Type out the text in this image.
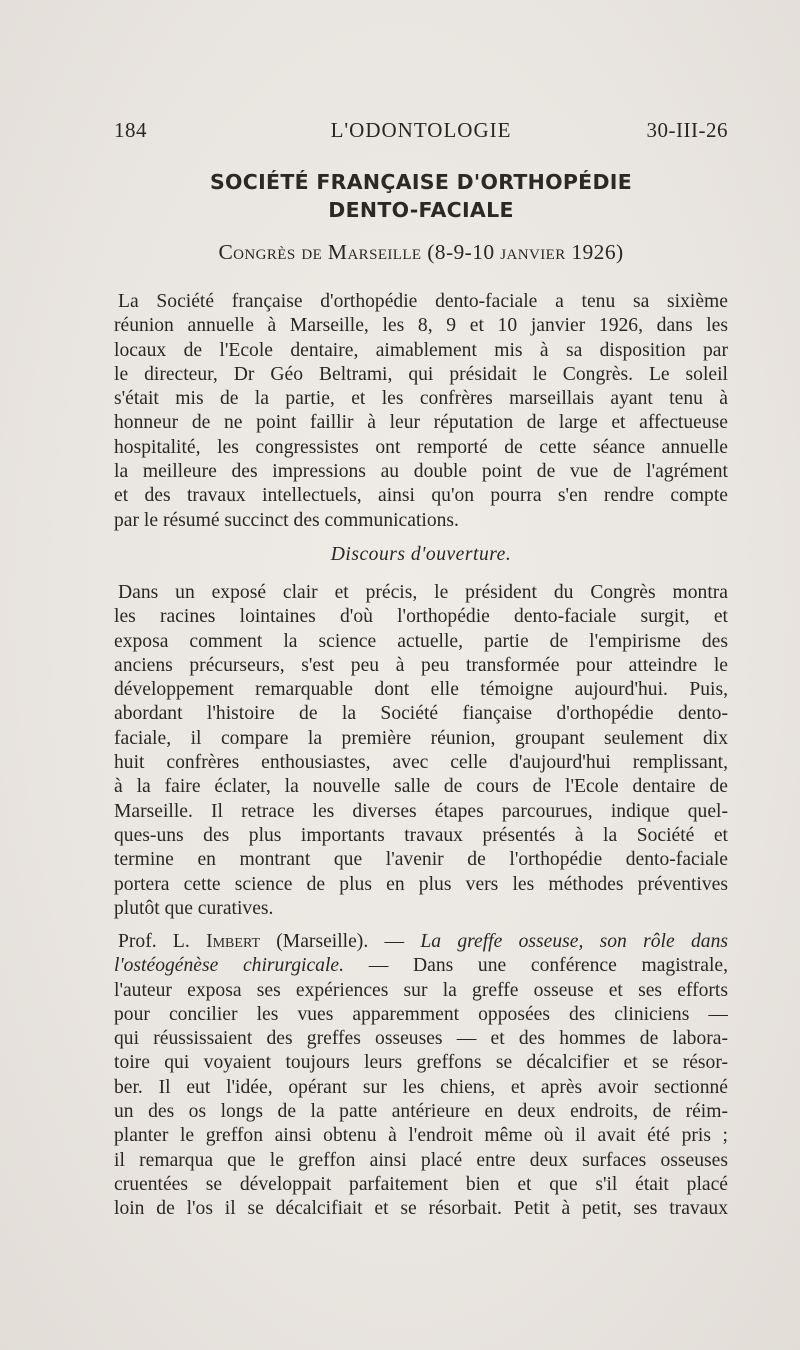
184	L'ODONTOLOGIE	30-III-26
SOCIÉTÉ FRANÇAISE D'ORTHOPÉDIE
DENTO-FACIALE
Congrès de Marseille (8-9-10 janvier 1926)
La Société française d'orthopédie dento-faciale a tenu sa sixième
réunion annuelle à Marseille, les 8, 9 et 10 janvier 1926, dans les
locaux de l'Ecole dentaire, aimablement mis à sa disposition par
le directeur, Dr Géo Beltrami, qui présidait le Congrès. Le soleil
s'était mis de la partie, et les confrères marseillais ayant tenu à
honneur de ne point faillir à leur réputation de large et affectueuse
hospitalité, les congressistes ont remporté de cette séance annuelle
la meilleure des impressions au double point de vue de l'agrément
et des travaux intellectuels, ainsi qu'on pourra s'en rendre compte
par le résumé succinct des communications.
Discours d'ouverture.
Dans un exposé clair et précis, le président du Congrès montra
les racines lointaines d'où l'orthopédie dento-faciale surgit, et
exposa comment la science actuelle, partie de l'empirisme des
anciens précurseurs, s'est peu à peu transformée pour atteindre le
développement remarquable dont elle témoigne aujourd'hui. Puis,
abordant l'histoire de la Société fiançaise d'orthopédie dento-
faciale, il compare la première réunion, groupant seulement dix
huit confrères enthousiastes, avec celle d'aujourd'hui remplissant,
à la faire éclater, la nouvelle salle de cours de l'Ecole dentaire de
Marseille. Il retrace les diverses étapes parcourues, indique quel-
ques-uns des plus importants travaux présentés à la Société et
termine en montrant que l'avenir de l'orthopédie dento-faciale
portera cette science de plus en plus vers les méthodes préventives
plutôt que curatives.
Prof. L. Imbert (Marseille). — La greffe osseuse, son rôle dans
l'ostéogénèse chirurgicale. — Dans une conférence magistrale,
l'auteur exposa ses expériences sur la greffe osseuse et ses efforts
pour concilier les vues apparemment opposées des cliniciens —
qui réussissaient des greffes osseuses — et des hommes de labora-
toire qui voyaient toujours leurs greffons se décalcifier et se résor-
ber. Il eut l'idée, opérant sur les chiens, et après avoir sectionné
un des os longs de la patte antérieure en deux endroits, de réim-
planter le greffon ainsi obtenu à l'endroit même où il avait été pris ;
il remarqua que le greffon ainsi placé entre deux surfaces osseuses
cruentées se développait parfaitement bien et que s'il était placé
loin de l'os il se décalcifiait et se résorbait. Petit à petit, ses travaux
